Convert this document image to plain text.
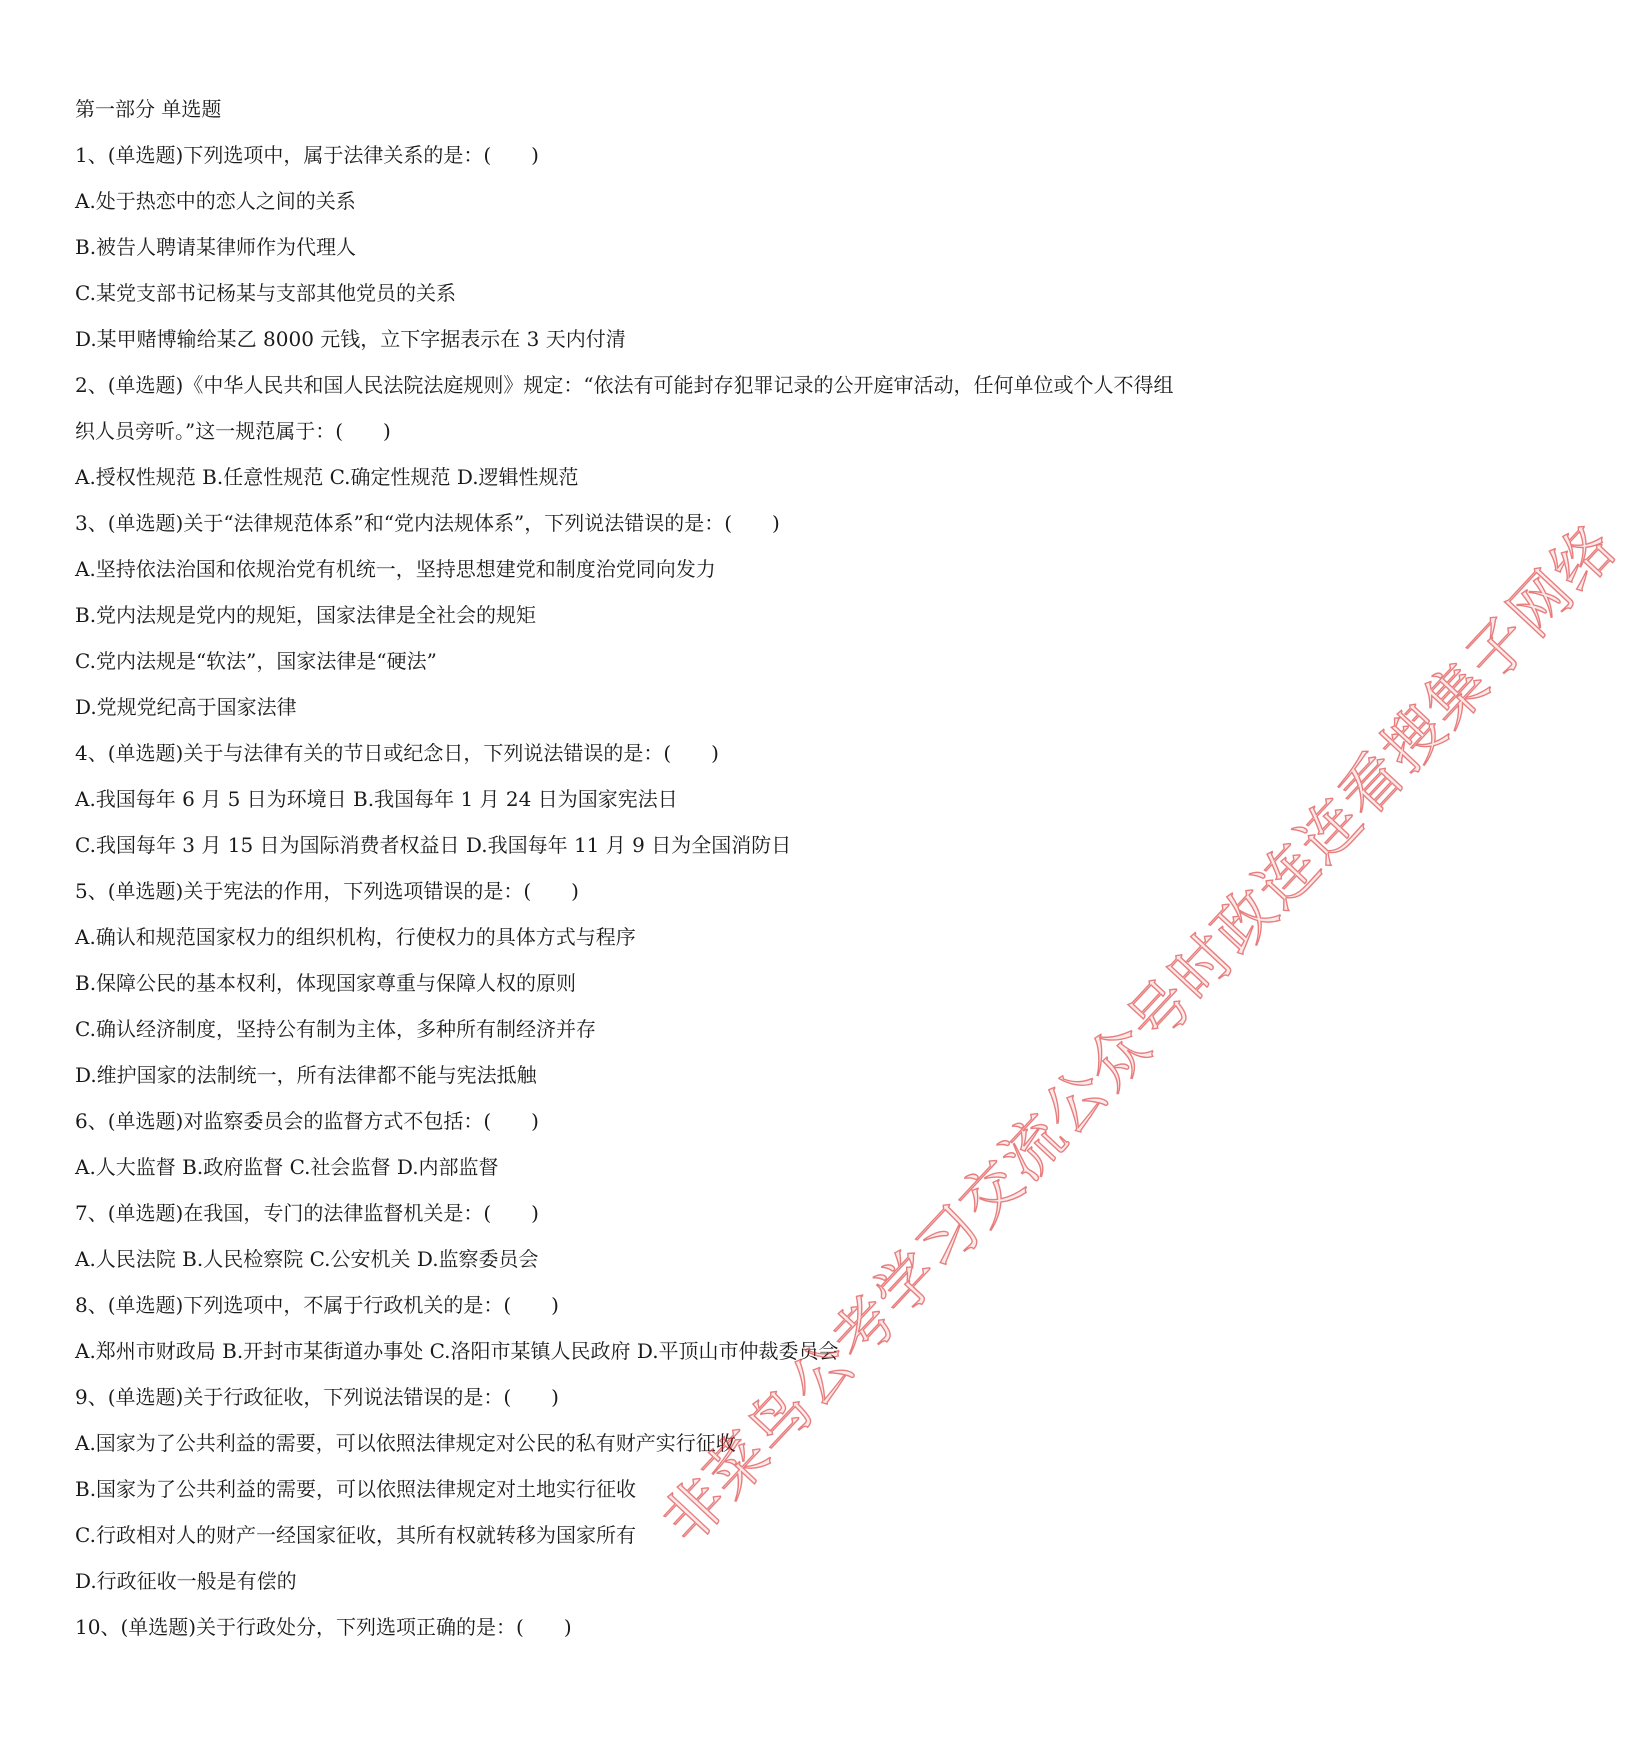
第一部分 单选题
1、(单选题)下列选项中，属于法律关系的是：(　　)
A.处于热恋中的恋人之间的关系
B.被告人聘请某律师作为代理人
C.某党支部书记杨某与支部其他党员的关系
D.某甲赌博输给某乙 8000 元钱，立下字据表示在 3 天内付清
2、(单选题)《中华人民共和国人民法院法庭规则》规定：“依法有可能封存犯罪记录的公开庭审活动，任何单位或个人不得组织人员旁听。”这一规范属于：(　　)
A.授权性规范 B.任意性规范 C.确定性规范 D.逻辑性规范
3、(单选题)关于“法律规范体系”和“党内法规体系”，下列说法错误的是：(　　)
A.坚持依法治国和依规治党有机统一，坚持思想建党和制度治党同向发力
B.党内法规是党内的规矩，国家法律是全社会的规矩
C.党内法规是“软法”，国家法律是“硬法”
D.党规党纪高于国家法律
4、(单选题)关于与法律有关的节日或纪念日，下列说法错误的是：(　　)
A.我国每年 6 月 5 日为环境日 B.我国每年 1 月 24 日为国家宪法日
C.我国每年 3 月 15 日为国际消费者权益日 D.我国每年 11 月 9 日为全国消防日
5、(单选题)关于宪法的作用，下列选项错误的是：(　　)
A.确认和规范国家权力的组织机构，行使权力的具体方式与程序
B.保障公民的基本权利，体现国家尊重与保障人权的原则
C.确认经济制度，坚持公有制为主体，多种所有制经济并存
D.维护国家的法制统一，所有法律都不能与宪法抵触
6、(单选题)对监察委员会的监督方式不包括：(　　)
A.人大监督 B.政府监督 C.社会监督 D.内部监督
7、(单选题)在我国，专门的法律监督机关是：(　　)
A.人民法院 B.人民检察院 C.公安机关 D.监察委员会
8、(单选题)下列选项中，不属于行政机关的是：(　　)
A.郑州市财政局 B.开封市某街道办事处 C.洛阳市某镇人民政府 D.平顶山市仲裁委员会
9、(单选题)关于行政征收，下列说法错误的是：(　　)
A.国家为了公共利益的需要，可以依照法律规定对公民的私有财产实行征收
B.国家为了公共利益的需要，可以依照法律规定对土地实行征收
C.行政相对人的财产一经国家征收，其所有权就转移为国家所有
D.行政征收一般是有偿的
10、(单选题)关于行政处分，下列选项正确的是：(　　)
非菜鸟公考学习交流公众号时政连连看搜集子网络
